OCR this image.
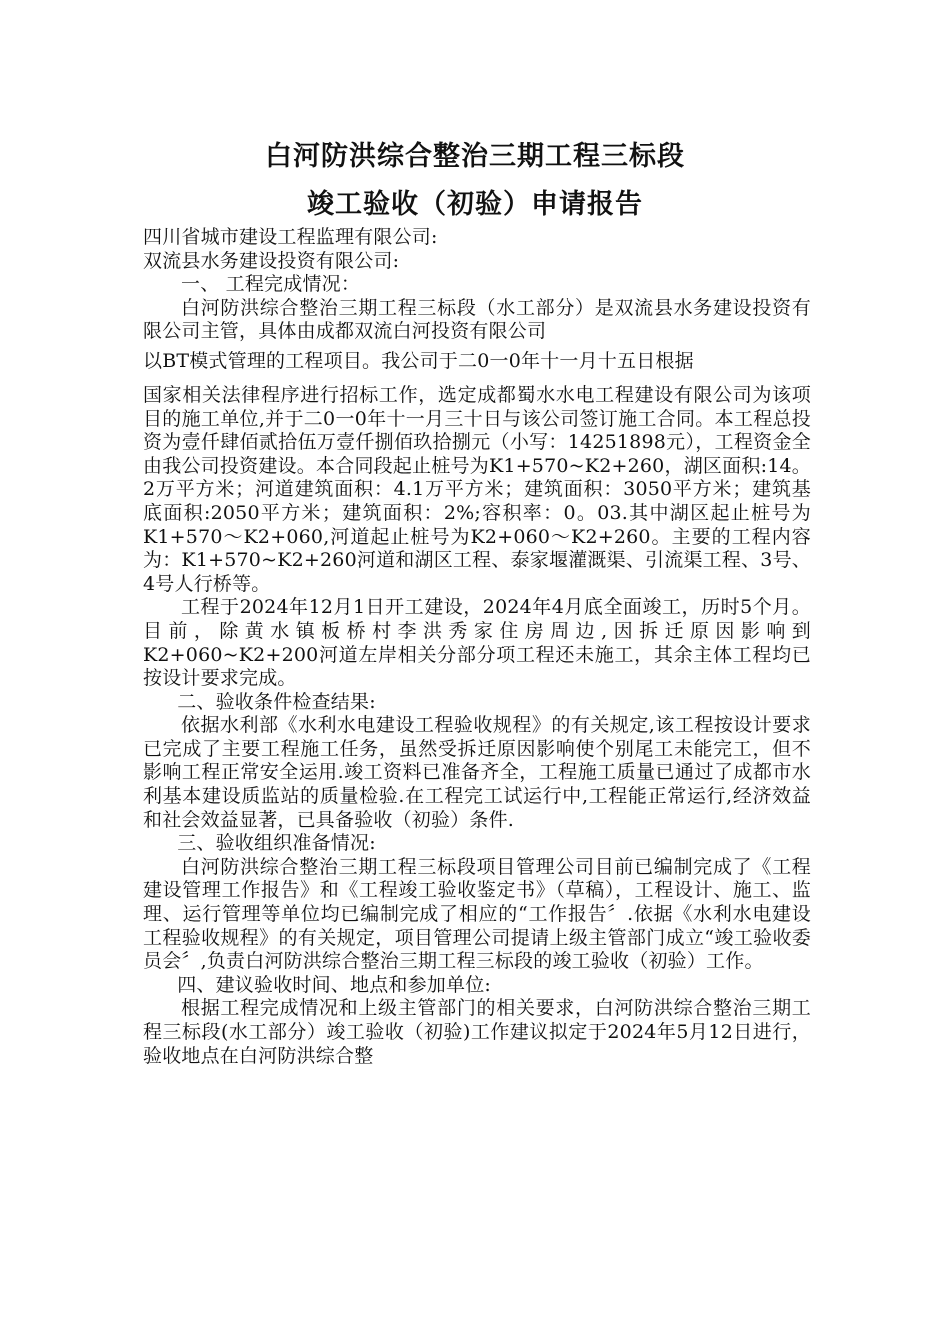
白河防洪综合整治三期工程三标段
竣工验收（初验）申请报告

四川省城市建设工程监理有限公司:

双流县水务建设投资有限公司:

一、 工程完成情况：

白河防洪综合整治三期工程三标段（水工部分）是双流县水务建设投资有限公司主管，具体由成都双流白河投资有限公司

以BT模式管理的工程项目。我公司于二0一0年十一月十五日根据

国家相关法律程序进行招标工作，选定成都蜀水水电工程建设有限公司为该项目的施工单位,并于二0一0年十一月三十日与该公司签订施工合同。本工程总投资为壹仟肆佰贰拾伍万壹仟捌佰玖拾捌元（小写：14251898元），工程资金全由我公司投资建设。本合同段起止桩号为K1+570~K2+260，湖区面积:14。2万平方米；河道建筑面积：4.1万平方米；建筑面积：3050平方米；建筑基底面积:2050平方米；建筑面积：2%;容积率：0。03.其中湖区起止桩号为K1+570～K2+060,河道起止桩号为K2+060～K2+260。主要的工程内容为：K1+570~K2+260河道和湖区工程、泰家堰灌溉渠、引流渠工程、3号、4号人行桥等。

工程于2024年12月1日开工建设，2024年4月底全面竣工，历时5个月。目前，除黄水镇板桥村李洪秀家住房周边,因拆迁原因影响到K2+060~K2+200河道左岸相关分部分项工程还未施工，其余主体工程均已按设计要求完成。

二、验收条件检查结果:

依据水利部《水利水电建设工程验收规程》的有关规定,该工程按设计要求已完成了主要工程施工任务，虽然受拆迁原因影响使个别尾工未能完工，但不影响工程正常安全运用.竣工资料已准备齐全，工程施工质量已通过了成都市水利基本建设质监站的质量检验.在工程完工试运行中,工程能正常运行,经济效益和社会效益显著，已具备验收（初验）条件.

三、验收组织准备情况:

白河防洪综合整治三期工程三标段项目管理公司目前已编制完成了《工程建设管理工作报告》和《工程竣工验收鉴定书》（草稿），工程设计、施工、监理、运行管理等单位均已编制完成了相应的“工作报告〞.依据《水利水电建设工程验收规程》的有关规定，项目管理公司提请上级主管部门成立“竣工验收委员会〞,负责白河防洪综合整治三期工程三标段的竣工验收（初验）工作。

四、建议验收时间、地点和参加单位:

根据工程完成情况和上级主管部门的相关要求，白河防洪综合整治三期工程三标段(水工部分）竣工验收（初验)工作建议拟定于2024年5月12日进行，验收地点在白河防洪综合整
